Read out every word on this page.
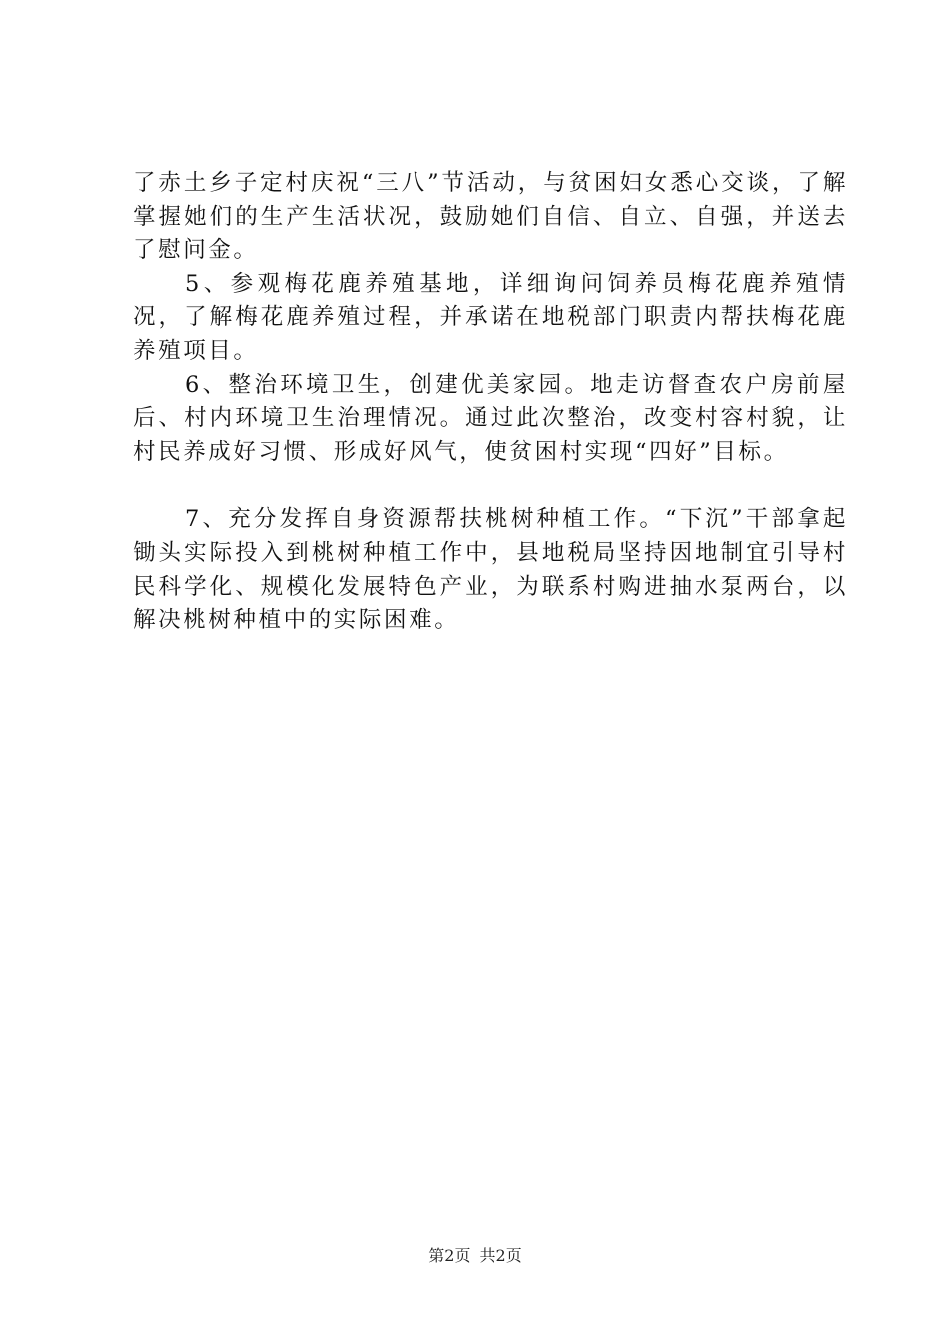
了赤土乡子定村庆祝“三八”节活动，与贫困妇女悉心交谈，了解掌握她们的生产生活状况，鼓励她们自信、自立、自强，并送去了慰问金。

5、参观梅花鹿养殖基地，详细询问饲养员梅花鹿养殖情况，了解梅花鹿养殖过程，并承诺在地税部门职责内帮扶梅花鹿养殖项目。

6、整治环境卫生，创建优美家园。地走访督查农户房前屋后、村内环境卫生治理情况。通过此次整治，改变村容村貌，让村民养成好习惯、形成好风气，使贫困村实现“四好”目标。

7、充分发挥自身资源帮扶桃树种植工作。“下沉”干部拿起锄头实际投入到桃树种植工作中，县地税局坚持因地制宜引导村民科学化、规模化发展特色产业，为联系村购进抽水泵两台，以解决桃树种植中的实际困难。

第2页 共2页
